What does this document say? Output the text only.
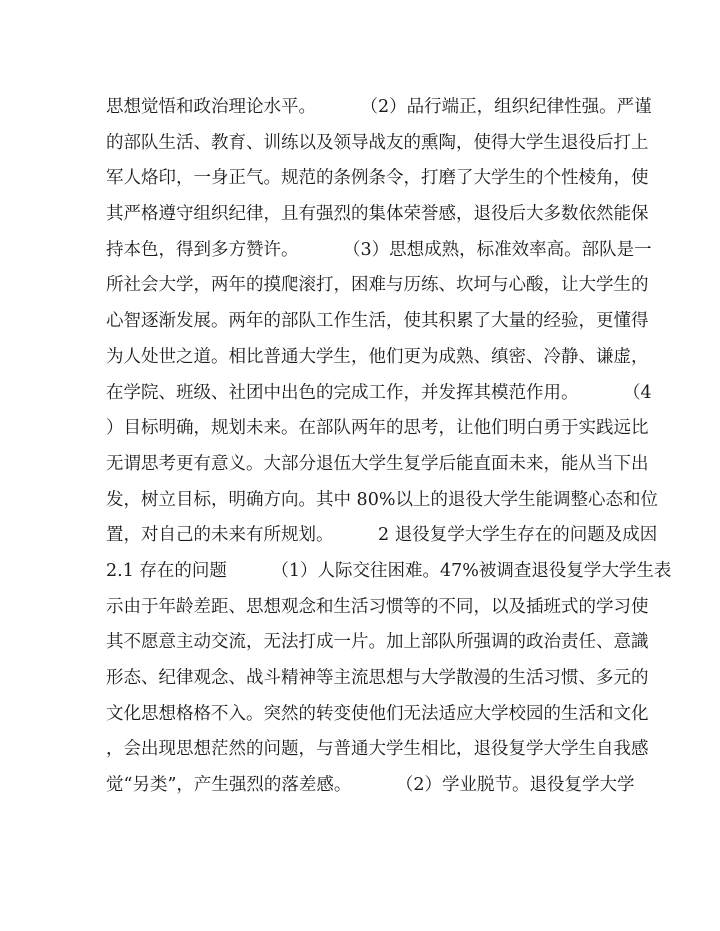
思想觉悟和政治理论水平。        （2）品行端正，组织纪律性强。严谨
的部队生活、教育、训练以及领导战友的熏陶，使得大学生退役后打上
军人烙印，一身正气。规范的条例条令，打磨了大学生的个性棱角，使
其严格遵守组织纪律，且有强烈的集体荣誉感，退役后大多数依然能保
持本色，得到多方赞许。        （3）思想成熟，标准效率高。部队是一
所社会大学，两年的摸爬滚打，困难与历练、坎坷与心酸，让大学生的
心智逐渐发展。两年的部队工作生活，使其积累了大量的经验，更懂得
为人处世之道。相比普通大学生，他们更为成熟、缜密、冷静、谦虚，
在学院、班级、社团中出色的完成工作，并发挥其模范作用。        （4
）目标明确，规划未来。在部队两年的思考，让他们明白勇于实践远比
无谓思考更有意义。大部分退伍大学生复学后能直面未来，能从当下出
发，树立目标，明确方向。其中 80%以上的退役大学生能调整心态和位
置，对自己的未来有所规划。        2 退役复学大学生存在的问题及成因
2.1 存在的问题        （1）人际交往困难。47%被调查退役复学大学生表
示由于年龄差距、思想观念和生活习惯等的不同，以及插班式的学习使
其不愿意主动交流，无法打成一片。加上部队所强调的政治责任、意識
形态、纪律观念、战斗精神等主流思想与大学散漫的生活习惯、多元的
文化思想格格不入。突然的转变使他们无法适应大学校园的生活和文化
，会出现思想茫然的问题，与普通大学生相比，退役复学大学生自我感
觉“另类”，产生强烈的落差感。        （2）学业脱节。退役复学大学
